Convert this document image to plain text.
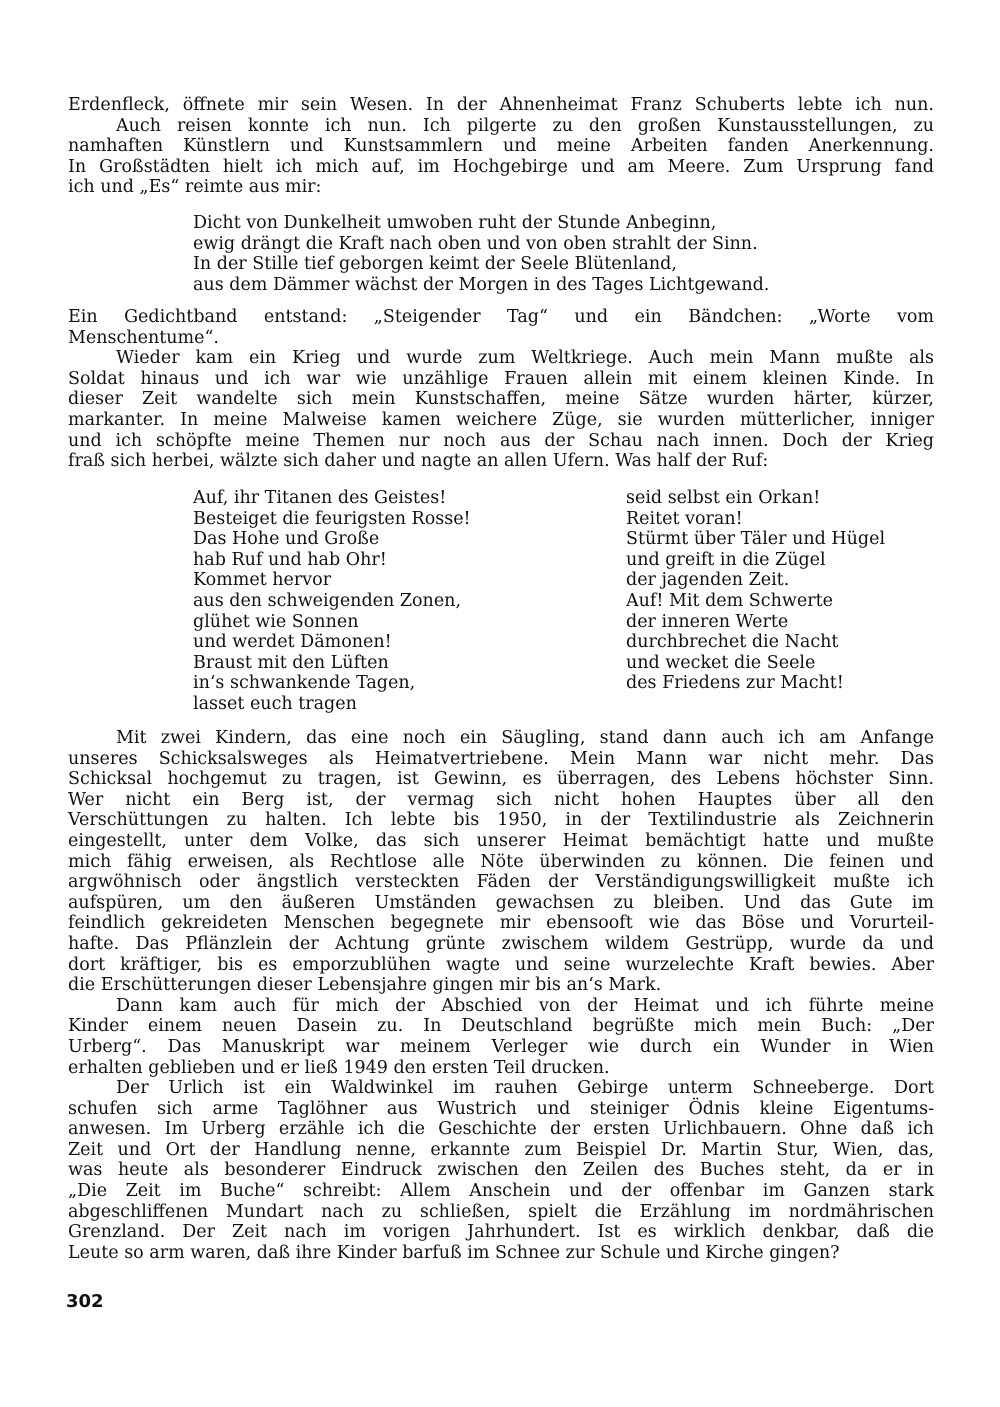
Erdenfleck, öffnete mir sein Wesen. In der Ahnenheimat Franz Schuberts lebte ich nun.
Auch reisen konnte ich nun. Ich pilgerte zu den großen Kunstausstellungen, zu
namhaften Künstlern und Kunstsammlern und meine Arbeiten fanden Anerkennung.
In Großstädten hielt ich mich auf, im Hochgebirge und am Meere. Zum Ursprung fand
ich und „Es“ reimte aus mir:
Dicht von Dunkelheit umwoben ruht der Stunde Anbeginn,
ewig drängt die Kraft nach oben und von oben strahlt der Sinn.
In der Stille tief geborgen keimt der Seele Blütenland,
aus dem Dämmer wächst der Morgen in des Tages Lichtgewand.
Ein Gedichtband entstand: „Steigender Tag“ und ein Bändchen: „Worte vom
Menschentume“.
Wieder kam ein Krieg und wurde zum Weltkriege. Auch mein Mann mußte als
Soldat hinaus und ich war wie unzählige Frauen allein mit einem kleinen Kinde. In
dieser Zeit wandelte sich mein Kunstschaffen, meine Sätze wurden härter, kürzer,
markanter. In meine Malweise kamen weichere Züge, sie wurden mütterlicher, inniger
und ich schöpfte meine Themen nur noch aus der Schau nach innen. Doch der Krieg
fraß sich herbei, wälzte sich daher und nagte an allen Ufern. Was half der Ruf:
Auf, ihr Titanen des Geistes!
Besteiget die feurigsten Rosse!
Das Hohe und Große
hab Ruf und hab Ohr!
Kommet hervor
aus den schweigenden Zonen,
glühet wie Sonnen
und werdet Dämonen!
Braust mit den Lüften
in‘s schwankende Tagen,
lasset euch tragen
seid selbst ein Orkan!
Reitet voran!
Stürmt über Täler und Hügel
und greift in die Zügel
der jagenden Zeit.
Auf! Mit dem Schwerte
der inneren Werte
durchbrechet die Nacht
und wecket die Seele
des Friedens zur Macht!
Mit zwei Kindern, das eine noch ein Säugling, stand dann auch ich am Anfange
unseres Schicksalsweges als Heimatvertriebene. Mein Mann war nicht mehr. Das
Schicksal hochgemut zu tragen, ist Gewinn, es überragen, des Lebens höchster Sinn.
Wer nicht ein Berg ist, der vermag sich nicht hohen Hauptes über all den
Verschüttungen zu halten. Ich lebte bis 1950, in der Textilindustrie als Zeichnerin
eingestellt, unter dem Volke, das sich unserer Heimat bemächtigt hatte und mußte
mich fähig erweisen, als Rechtlose alle Nöte überwinden zu können. Die feinen und
argwöhnisch oder ängstlich versteckten Fäden der Verständigungswilligkeit mußte ich
aufspüren, um den äußeren Umständen gewachsen zu bleiben. Und das Gute im
feindlich gekreideten Menschen begegnete mir ebensooft wie das Böse und Vorurteil-
hafte. Das Pflänzlein der Achtung grünte zwischem wildem Gestrüpp, wurde da und
dort kräftiger, bis es emporzublühen wagte und seine wurzelechte Kraft bewies. Aber
die Erschütterungen dieser Lebensjahre gingen mir bis an‘s Mark.
Dann kam auch für mich der Abschied von der Heimat und ich führte meine
Kinder einem neuen Dasein zu. In Deutschland begrüßte mich mein Buch: „Der
Urberg“. Das Manuskript war meinem Verleger wie durch ein Wunder in Wien
erhalten geblieben und er ließ 1949 den ersten Teil drucken.
Der Urlich ist ein Waldwinkel im rauhen Gebirge unterm Schneeberge. Dort
schufen sich arme Taglöhner aus Wustrich und steiniger Ödnis kleine Eigentums-
anwesen. Im Urberg erzähle ich die Geschichte der ersten Urlichbauern. Ohne daß ich
Zeit und Ort der Handlung nenne, erkannte zum Beispiel Dr. Martin Stur, Wien, das,
was heute als besonderer Eindruck zwischen den Zeilen des Buches steht, da er in
„Die Zeit im Buche“ schreibt: Allem Anschein und der offenbar im Ganzen stark
abgeschliffenen Mundart nach zu schließen, spielt die Erzählung im nordmährischen
Grenzland. Der Zeit nach im vorigen Jahrhundert. Ist es wirklich denkbar, daß die
Leute so arm waren, daß ihre Kinder barfuß im Schnee zur Schule und Kirche gingen?
302
